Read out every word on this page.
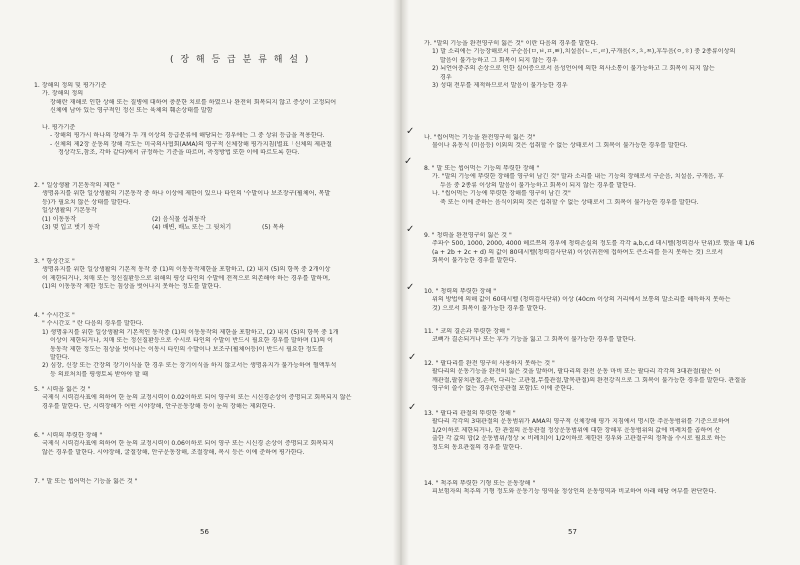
( 장 해 등 급 분 류 해 설 )
1. 장해의 정의 및 평가기준
가. 장해의 정의
장해란 재해로 인한 상해 또는 질병에 대하여 충분한 치료를 하였으나 완전히 회복되지 않고 증상이 고정되어
신체에 남아 있는 영구적인 정신 또는 육체의 훼손상태를 말함

나. 평가기준
- 장해의 평가시 하나의 장해가 두 개 이상의 등급분류에 해당되는 경우에는 그 중 상위 등급을 적용한다.
- 신체의 제2장 운동의 장해 각도는 미국의사협회(AMA)의 영구적 신체장해 평가지침(별표「신체의 제관절
정상각도,참조, 각하 같다)에서 규정하는 기준을 따르며, 측정방법 또한 이에 따르도록 한다.
2. " 일상생활 기본동작의 제한 "
생명유지를 위한 일상생활의 기본동작 중 하나 이상에 제한이 있으나 타인의 '수발이나 보조장구(휠체어, 목발
등)가 필요치 않은 상태를 말한다.
일상생활의 기본동작
(1) 이동동작	(2) 음식물 섭취동작
(3) 몇 입고 벗기 동작	(4) 배변, 배뇨 또는 그 뒷처기	(5) 목욕
3. " 항상간호 "
생명유지를 위한 일상생활의 기본적 동작 중 (1)의 이동동작제한을 포함하고, (2) 내지 (5)의 항목 중 2개이상
이 제한되거나, 치매 또는 정신질환등으로 위해의 평상 타인의 수발에 전적으로 의존해야 하는 경우를 말하며,
(1)의 이동동작 제한 정도는 침상을 벗어나지 못하는 정도를 말한다.
4. " 수시간호 "
" 수시간호 " 란 다음의 경우를 말한다.
1) 생명유지를 위한 일상생활의 기본적인 동작중 (1)의 이동동작의 제한을 포함하고, (2) 내지 (5)의 항목 중 1개
이상이 제한되거나, 치매 또는 정신질환등으로 수시로 타인의 수발이 반드시 필요한 경우를 말하며 (1)의 이
동동작 제한 정도는 침상을 벗어나는 이동시 타인의 수발이나 보조구(휠체어등)이 반드시 필요한 정도를
말한다.
2) 심장, 신장 또는 간장의 장기이식을 한 경우 또는 장기이식을 하지 않고서는 생명유지가 불가능하여 혈액투석
등 의료처치를 평생토록 받아야 할 때
5. " 시력을 잃은 것 "
국제식 시력검사표에 의하여 한 눈의 교정시력이 0.02이하로 되어 영구히 또는 시신경손상이 증명되고 회복되지 않은
경우를 말한다. 단, 시력장해가 어떤 시야장해, 안구운동장해 등이 눈의 장해는 제외한다.
6. " 시력의 뚜렷한 장해 "
국제식 시력검사표에 의하여 한 눈의 교정시력이 0.06이하로 되어 영구 또는 시신경 손상이 증명되고 회복되지
않은 경우를 말한다. 시야장해, 굴절장해, 안구운동장해, 조절장해, 복시 등은 이에 준하여 평가한다.
7. " 말 또는 씹어먹는 기능을 잃은 것 "
56
가. "말의 기능을 완전영구히 잃은 것" 이란 다음의 경우를 말한다.
1) 말 소리에는 기능장해로서 구순음(ㅁ,ㅂ,ㅍ,ㅃ),치설음(ㄴ,ㄷ,ㄹ),구개음(ㅈ,ㅊ,ㅉ),후두음(ㅇ,ㅎ) 중 2종류이상의
발음이 불가능하고 그 회복이 되지 않는 경우
2) 뇌언어중추의 손상으로 인한 실어증으로서 음성언어에 의한 의사소통이 불가능하고 그 회복이 되지 않는
경우
3) 성대 전부를 제적하므로서 발음이 불가능한 경우
나. "씹어먹는 기능을 완전영구히 잃은 것"
물이나 유동식 (미음등) 이외의 것은 섭취할 수 없는 상태로서 그 회복이 불가능한 경우를 말한다.
8. " 말 또는 씹어먹는 기능의 뚜렷한 장해 "
가. "말의 기능에 뚜렷한 장해를 영구히 남긴 것" 말과 소리를 내는 기능의 장해로서 구순음, 치설음, 구개음, 후
두음 중 2종류 이상의 발음이 불가능하고 회복이 되지 않는 경우를 말한다.
나. "씹어먹는 기능에 뚜렷한 장해를 영구히 남긴 것"
죽 또는 이에 준하는 음식이외의 것은 섭취할 수 없는 상태로서 그 회복이 불가능한 경우를 말한다.
9. " 청력을 완전영구히 잃은 것 "
주파수 500, 1000, 2000, 4000 헤르쯔의 경우에 청력손실의 정도를 각각 a,b,c,d 데시벨(청력검사 단위)로 했을 때 1/6
(a + 2b + 2c + d) 의 값이 80데시벨(청력검사단위) 이상(귀전에 접하여도 큰소리를 듣지 못하는 것) 으로서
회복이 불가능한 경우를 말한다.
10. " 청력의 뚜렷한 장해 "
위의 방법에 의해 값이 60데시벨 (청력검사단위) 이상 (40cm 이상의 거리에서 보통의 말소리를 해득하지 못하는
것) 으로서 회복이 불가능한 경우를 말한다.
11. " 코의 결손과 뚜렷한 장해 "
코뼈가 결손되거나 또는 후가 기능을 잃고 그 회복이 불가능한 경우를 말한다.
12. " 팔다리를 완전 영구히 사용하지 못하는 것 "
팔다리의 운동기능을 완전히 잃은 것을 말하며, 팔다리의 완전 운동 마비 또는 팔다리 각각의 3대관절(팔은 어
깨관절,팔꿈치관절,손목, 다리는 고관절,무릎관절,발목관절)의 완전강직으로 그 회복이 불가능한 경우를 말한다. 관절을
영구히 쓸수 없는 경우(인공관절 포함)도 이에 준한다.
13. " 팔다리 관절의 뚜렷한 장해 "
팔다리 각각의 3대관절의 운동범위가 AMA의 영구적 신체장해 평가 지침에서 명시한 주운동범위를 기준으로하여
1/2이하로 제한되거나, 한 관절의 운동관절 정상운동범위에 대한 장해후 운동범위의 값에 비례치를 곱하여 산
출한 각 값의 합(2 운동범위/정상 × 비례치)이 1/2이하로 제한된 경우와 고관절구의 정착을 수시로 필요로 하는
정도의 동요관절의 경우를 말한다.
14. " 척추의 뚜렷한 기형 또는 운동장해 "
피보험자의 척추의 기형 정도와 운동기능 영역을 정상인의 운동영역과 비교하여 아래 해당 여부를 판단한다.
57
✓
✓
✓
✓
✓
✓
